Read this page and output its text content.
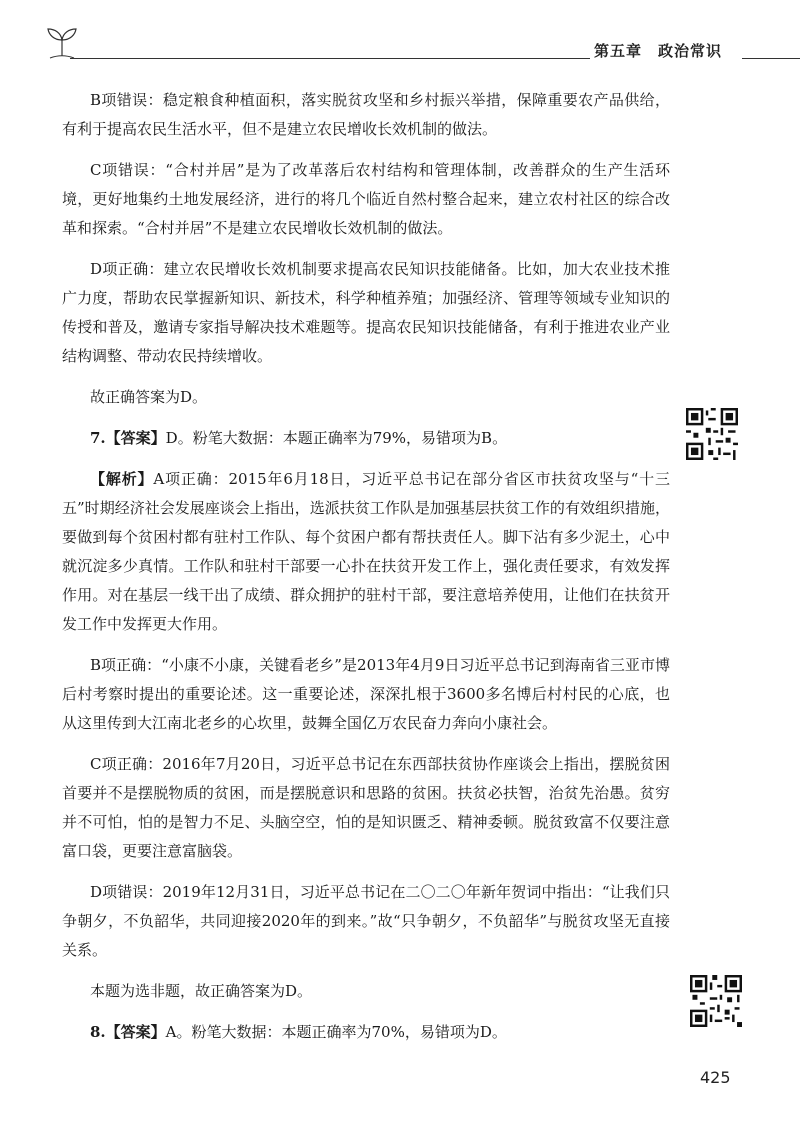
第五章　政治常识

B项错误：稳定粮食种植面积，落实脱贫攻坚和乡村振兴举措，保障重要农产品供给，有利于提高农民生活水平，但不是建立农民增收长效机制的做法。

C项错误：“合村并居”是为了改革落后农村结构和管理体制，改善群众的生产生活环境，更好地集约土地发展经济，进行的将几个临近自然村整合起来，建立农村社区的综合改革和探索。“合村并居”不是建立农民增收长效机制的做法。

D项正确：建立农民增收长效机制要求提高农民知识技能储备。比如，加大农业技术推广力度，帮助农民掌握新知识、新技术，科学种植养殖；加强经济、管理等领域专业知识的传授和普及，邀请专家指导解决技术难题等。提高农民知识技能储备，有利于推进农业产业结构调整、带动农民持续增收。

故正确答案为D。

7.【答案】D。粉笔大数据：本题正确率为79%，易错项为B。

【解析】A项正确：2015年6月18日，习近平总书记在部分省区市扶贫攻坚与“十三五”时期经济社会发展座谈会上指出，选派扶贫工作队是加强基层扶贫工作的有效组织措施，要做到每个贫困村都有驻村工作队、每个贫困户都有帮扶责任人。脚下沾有多少泥土，心中就沉淀多少真情。工作队和驻村干部要一心扑在扶贫开发工作上，强化责任要求，有效发挥作用。对在基层一线干出了成绩、群众拥护的驻村干部，要注意培养使用，让他们在扶贫开发工作中发挥更大作用。

B项正确：“小康不小康，关键看老乡”是2013年4月9日习近平总书记到海南省三亚市博后村考察时提出的重要论述。这一重要论述，深深扎根于3600多名博后村村民的心底，也从这里传到大江南北老乡的心坎里，鼓舞全国亿万农民奋力奔向小康社会。

C项正确：2016年7月20日，习近平总书记在东西部扶贫协作座谈会上指出，摆脱贫困首要并不是摆脱物质的贫困，而是摆脱意识和思路的贫困。扶贫必扶智，治贫先治愚。贫穷并不可怕，怕的是智力不足、头脑空空，怕的是知识匮乏、精神委顿。脱贫致富不仅要注意富口袋，更要注意富脑袋。

D项错误：2019年12月31日，习近平总书记在二〇二〇年新年贺词中指出：“让我们只争朝夕，不负韶华，共同迎接2020年的到来。”故“只争朝夕，不负韶华”与脱贫攻坚无直接关系。

本题为选非题，故正确答案为D。

8.【答案】A。粉笔大数据：本题正确率为70%，易错项为D。

425
